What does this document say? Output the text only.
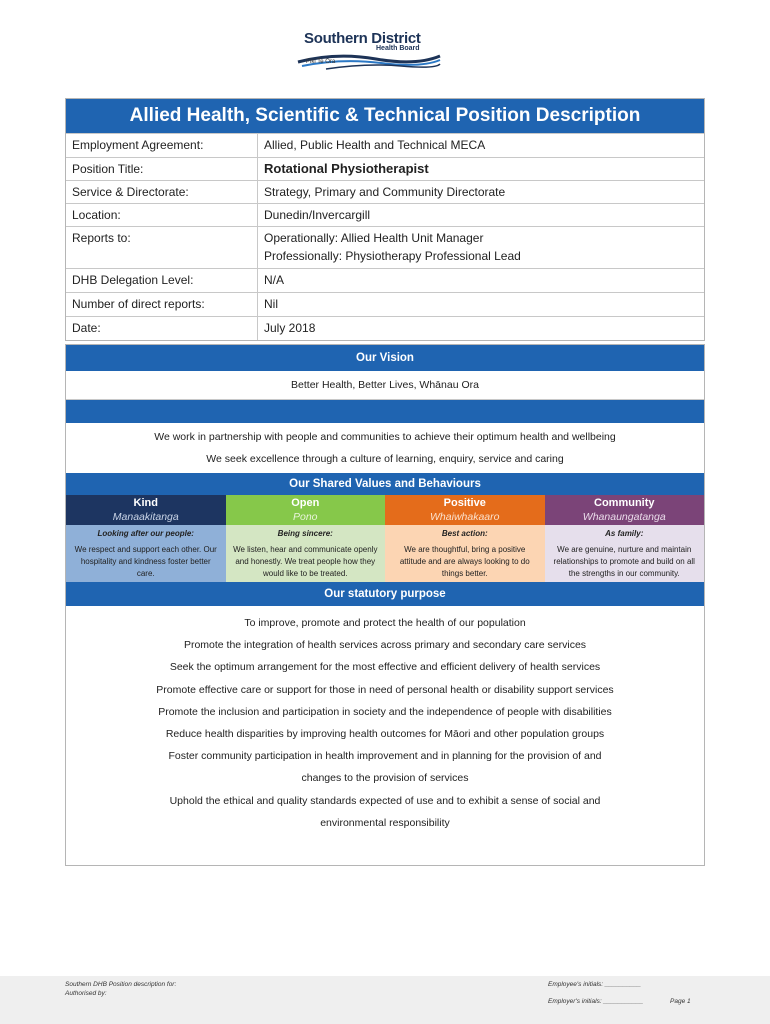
Southern District
Health Board
Piki Te Ora
Allied Health, Scientific & Technical Position Description
Employment Agreement:	Allied, Public Health and Technical MECA
Position Title:	Rotational Physiotherapist
Service & Directorate:	Strategy, Primary and Community Directorate
Location:	Dunedin/Invercargill
Reports to:	Operationally: Allied Health Unit Manager
Professionally: Physiotherapy Professional Lead
DHB Delegation Level:	N/A
Number of direct reports:	Nil
Date:	July 2018
Our Vision
Better Health, Better Lives, Whānau Ora
We work in partnership with people and communities to achieve their optimum health and wellbeing
We seek excellence through a culture of learning, enquiry, service and caring
Our Shared Values and Behaviours
Kind
Manaakitanga
Looking after our people:
We respect and support each other. Our hospitality and kindness foster better care.
Open
Pono
Being sincere:
We listen, hear and communicate openly and honestly. We treat people how they would like to be treated.
Positive
Whaiwhakaaro
Best action:
We are thoughtful, bring a positive attitude and are always looking to do things better.
Community
Whanaungatanga
As family:
We are genuine, nurture and maintain relationships to promote and build on all the strengths in our community.
Our statutory purpose
To improve, promote and protect the health of our population
Promote the integration of health services across primary and secondary care services
Seek the optimum arrangement for the most effective and efficient delivery of health services
Promote effective care or support for those in need of personal health or disability support services
Promote the inclusion and participation in society and the independence of people with disabilities
Reduce health disparities by improving health outcomes for Māori and other population groups
Foster community participation in health improvement and in planning for the provision of and
changes to the provision of services
Uphold the ethical and quality standards expected of use and to exhibit a sense of social and
environmental responsibility
Southern DHB Position description for:
Authorised by:
Employee's initials: __________
Employer's initials: ___________	Page 1
